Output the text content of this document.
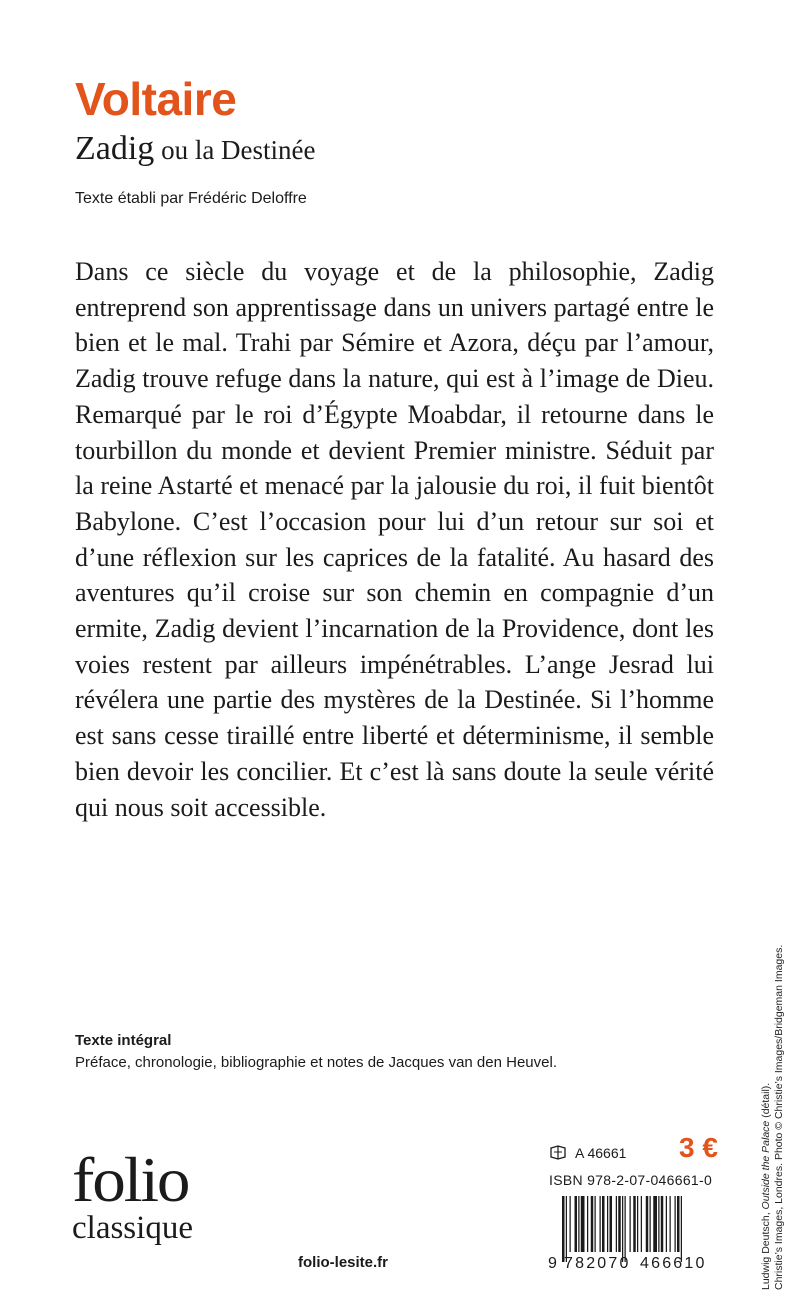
Voltaire
Zadig ou la Destinée
Texte établi par Frédéric Deloffre

Dans ce siècle du voyage et de la philosophie, Zadig entreprend son apprentissage dans un univers partagé entre le bien et le mal. Trahi par Sémire et Azora, déçu par l’amour, Zadig trouve refuge dans la nature, qui est à l’image de Dieu. Remarqué par le roi d’Égypte Moabdar, il retourne dans le tourbillon du monde et devient Premier ministre. Séduit par la reine Astarté et menacé par la jalousie du roi, il fuit bientôt Babylone. C’est l’occasion pour lui d’un retour sur soi et d’une réflexion sur les caprices de la fatalité. Au hasard des aventures qu’il croise sur son chemin en compagnie d’un ermite, Zadig devient l’incarnation de la Providence, dont les voies restent par ailleurs impénétrables. L’ange Jesrad lui révélera une partie des mystères de la Destinée. Si l’homme est sans cesse tiraillé entre liberté et déterminisme, il semble bien devoir les concilier. Et c’est là sans doute la seule vérité qui nous soit accessible.

Texte intégral
Préface, chronologie, bibliographie et notes de Jacques van den Heuvel.
folio
classique
folio-lesite.fr
A 46661 3 €
ISBN 978-2-07-046661-0
9 782070 466610	Ludwig Deutsch, Outside the Palace (détail). Christie’s Images, Londres. Photo © Christie’s Images/Bridgeman Images.
